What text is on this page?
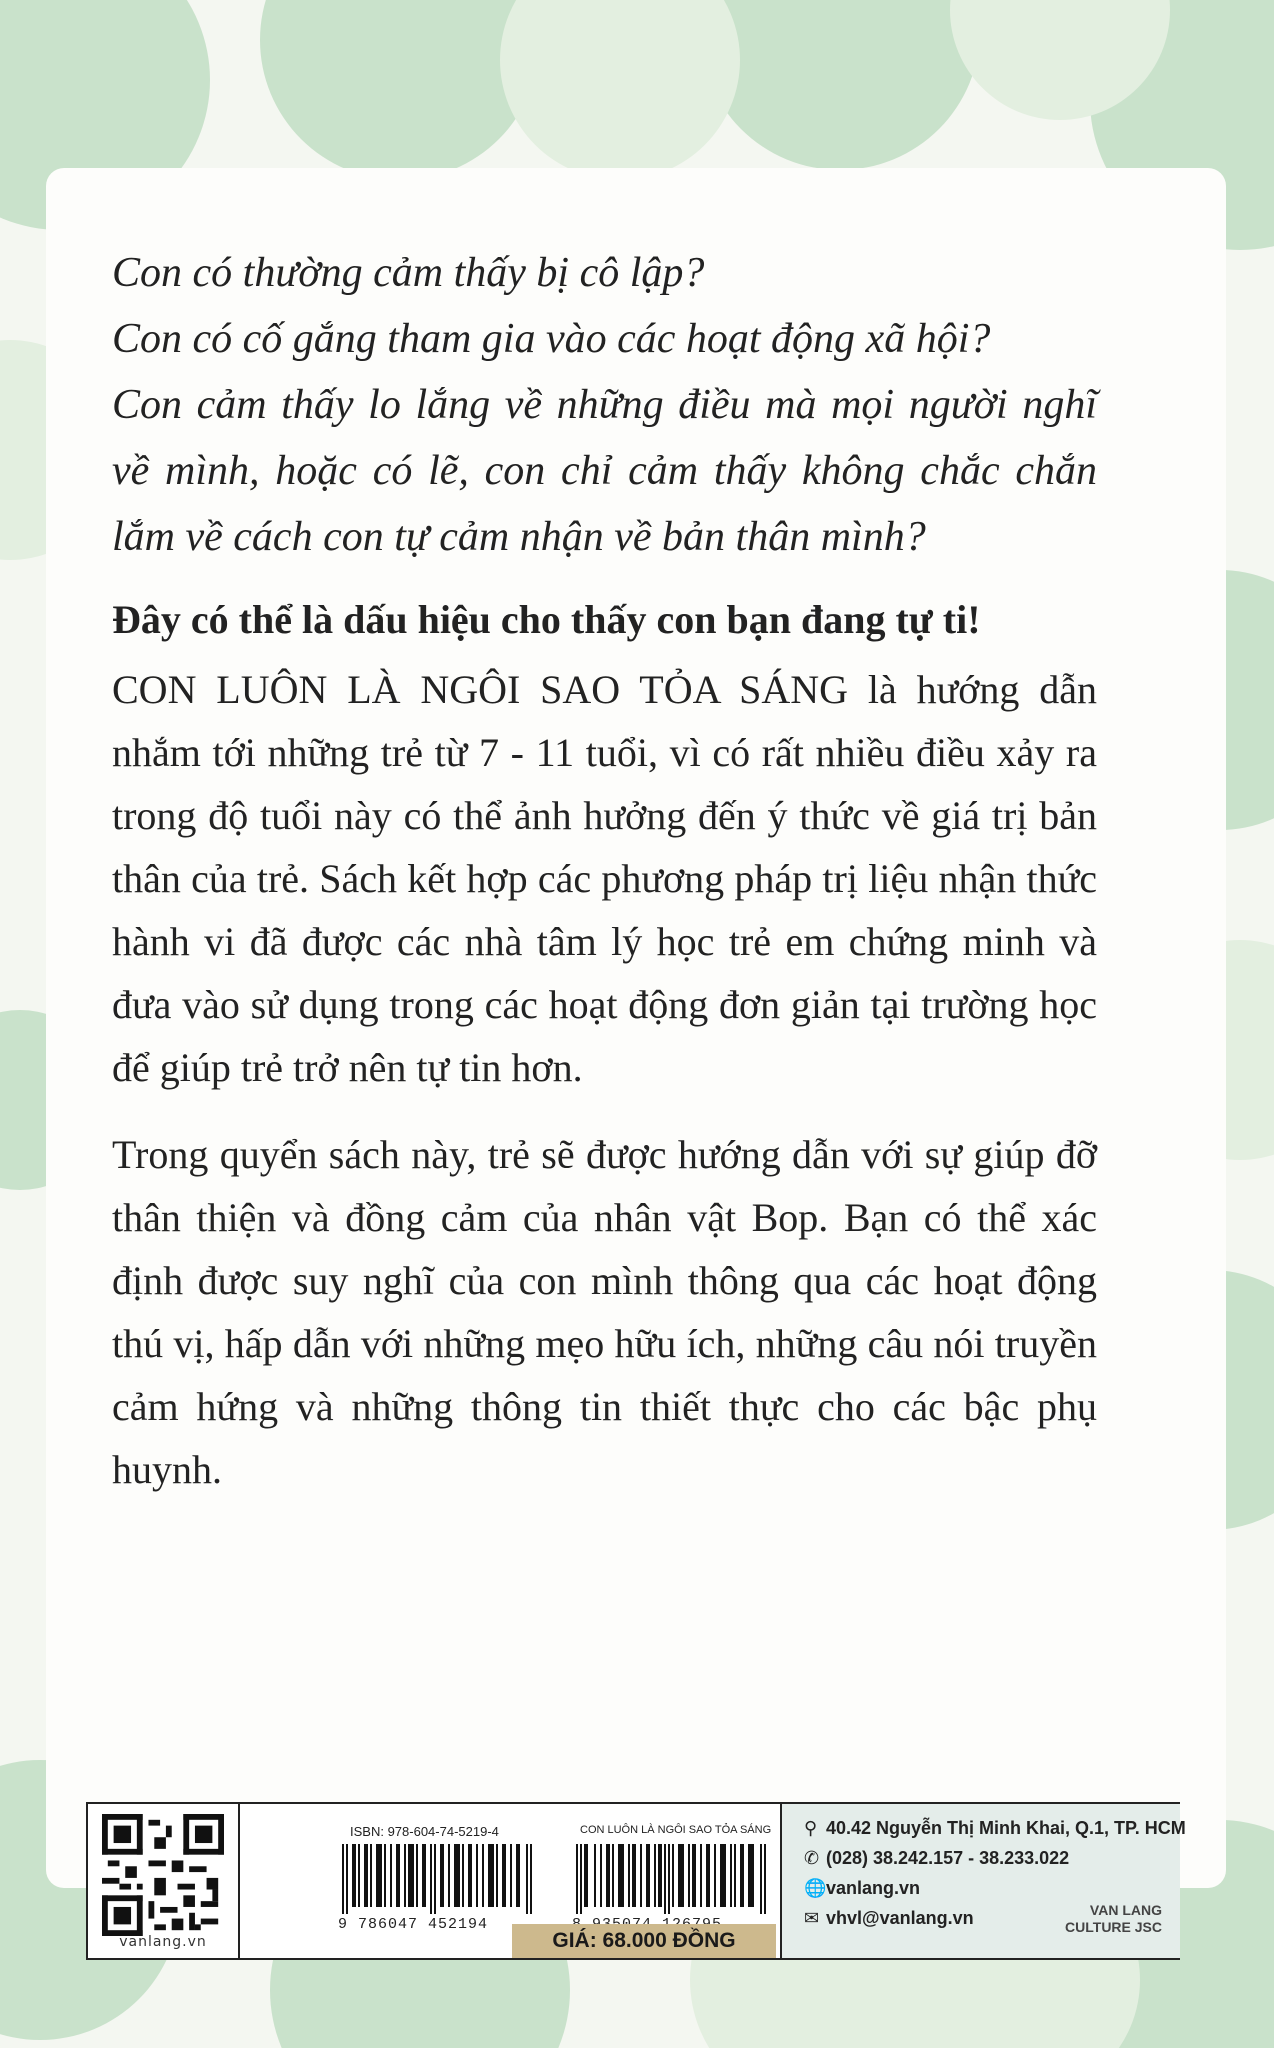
Con có thường cảm thấy bị cô lập?

Con có cố gắng tham gia vào các hoạt động xã hội?

Con cảm thấy lo lắng về những điều mà mọi người nghĩ về mình, hoặc có lẽ, con chỉ cảm thấy không chắc chắn lắm về cách con tự cảm nhận về bản thân mình?

Đây có thể là dấu hiệu cho thấy con bạn đang tự ti!

CON LUÔN LÀ NGÔI SAO TỎA SÁNG là hướng dẫn nhắm tới những trẻ từ 7 - 11 tuổi, vì có rất nhiều điều xảy ra trong độ tuổi này có thể ảnh hưởng đến ý thức về giá trị bản thân của trẻ. Sách kết hợp các phương pháp trị liệu nhận thức hành vi đã được các nhà tâm lý học trẻ em chứng minh và đưa vào sử dụng trong các hoạt động đơn giản tại trường học để giúp trẻ trở nên tự tin hơn.

Trong quyển sách này, trẻ sẽ được hướng dẫn với sự giúp đỡ thân thiện và đồng cảm của nhân vật Bop. Bạn có thể xác định được suy nghĩ của con mình thông qua các hoạt động thú vị, hấp dẫn với những mẹo hữu ích, những câu nói truyền cảm hứng và những thông tin thiết thực cho các bậc phụ huynh.

vanlang.vn
ISBN: 978-604-74-5219-4	CON LUÔN LÀ NGÔI SAO TỎA SÁNG
9 786047 452194
GIÁ: 68.000 ĐỒNG
⚲ 40.42 Nguyễn Thị Minh Khai, Q.1, TP. HCM
✆ (028) 38.242.157 - 38.233.022
🌐vanlang.vn
✉ vhvl@vanlang.vn	VAN LANG
CULTURE JSC
